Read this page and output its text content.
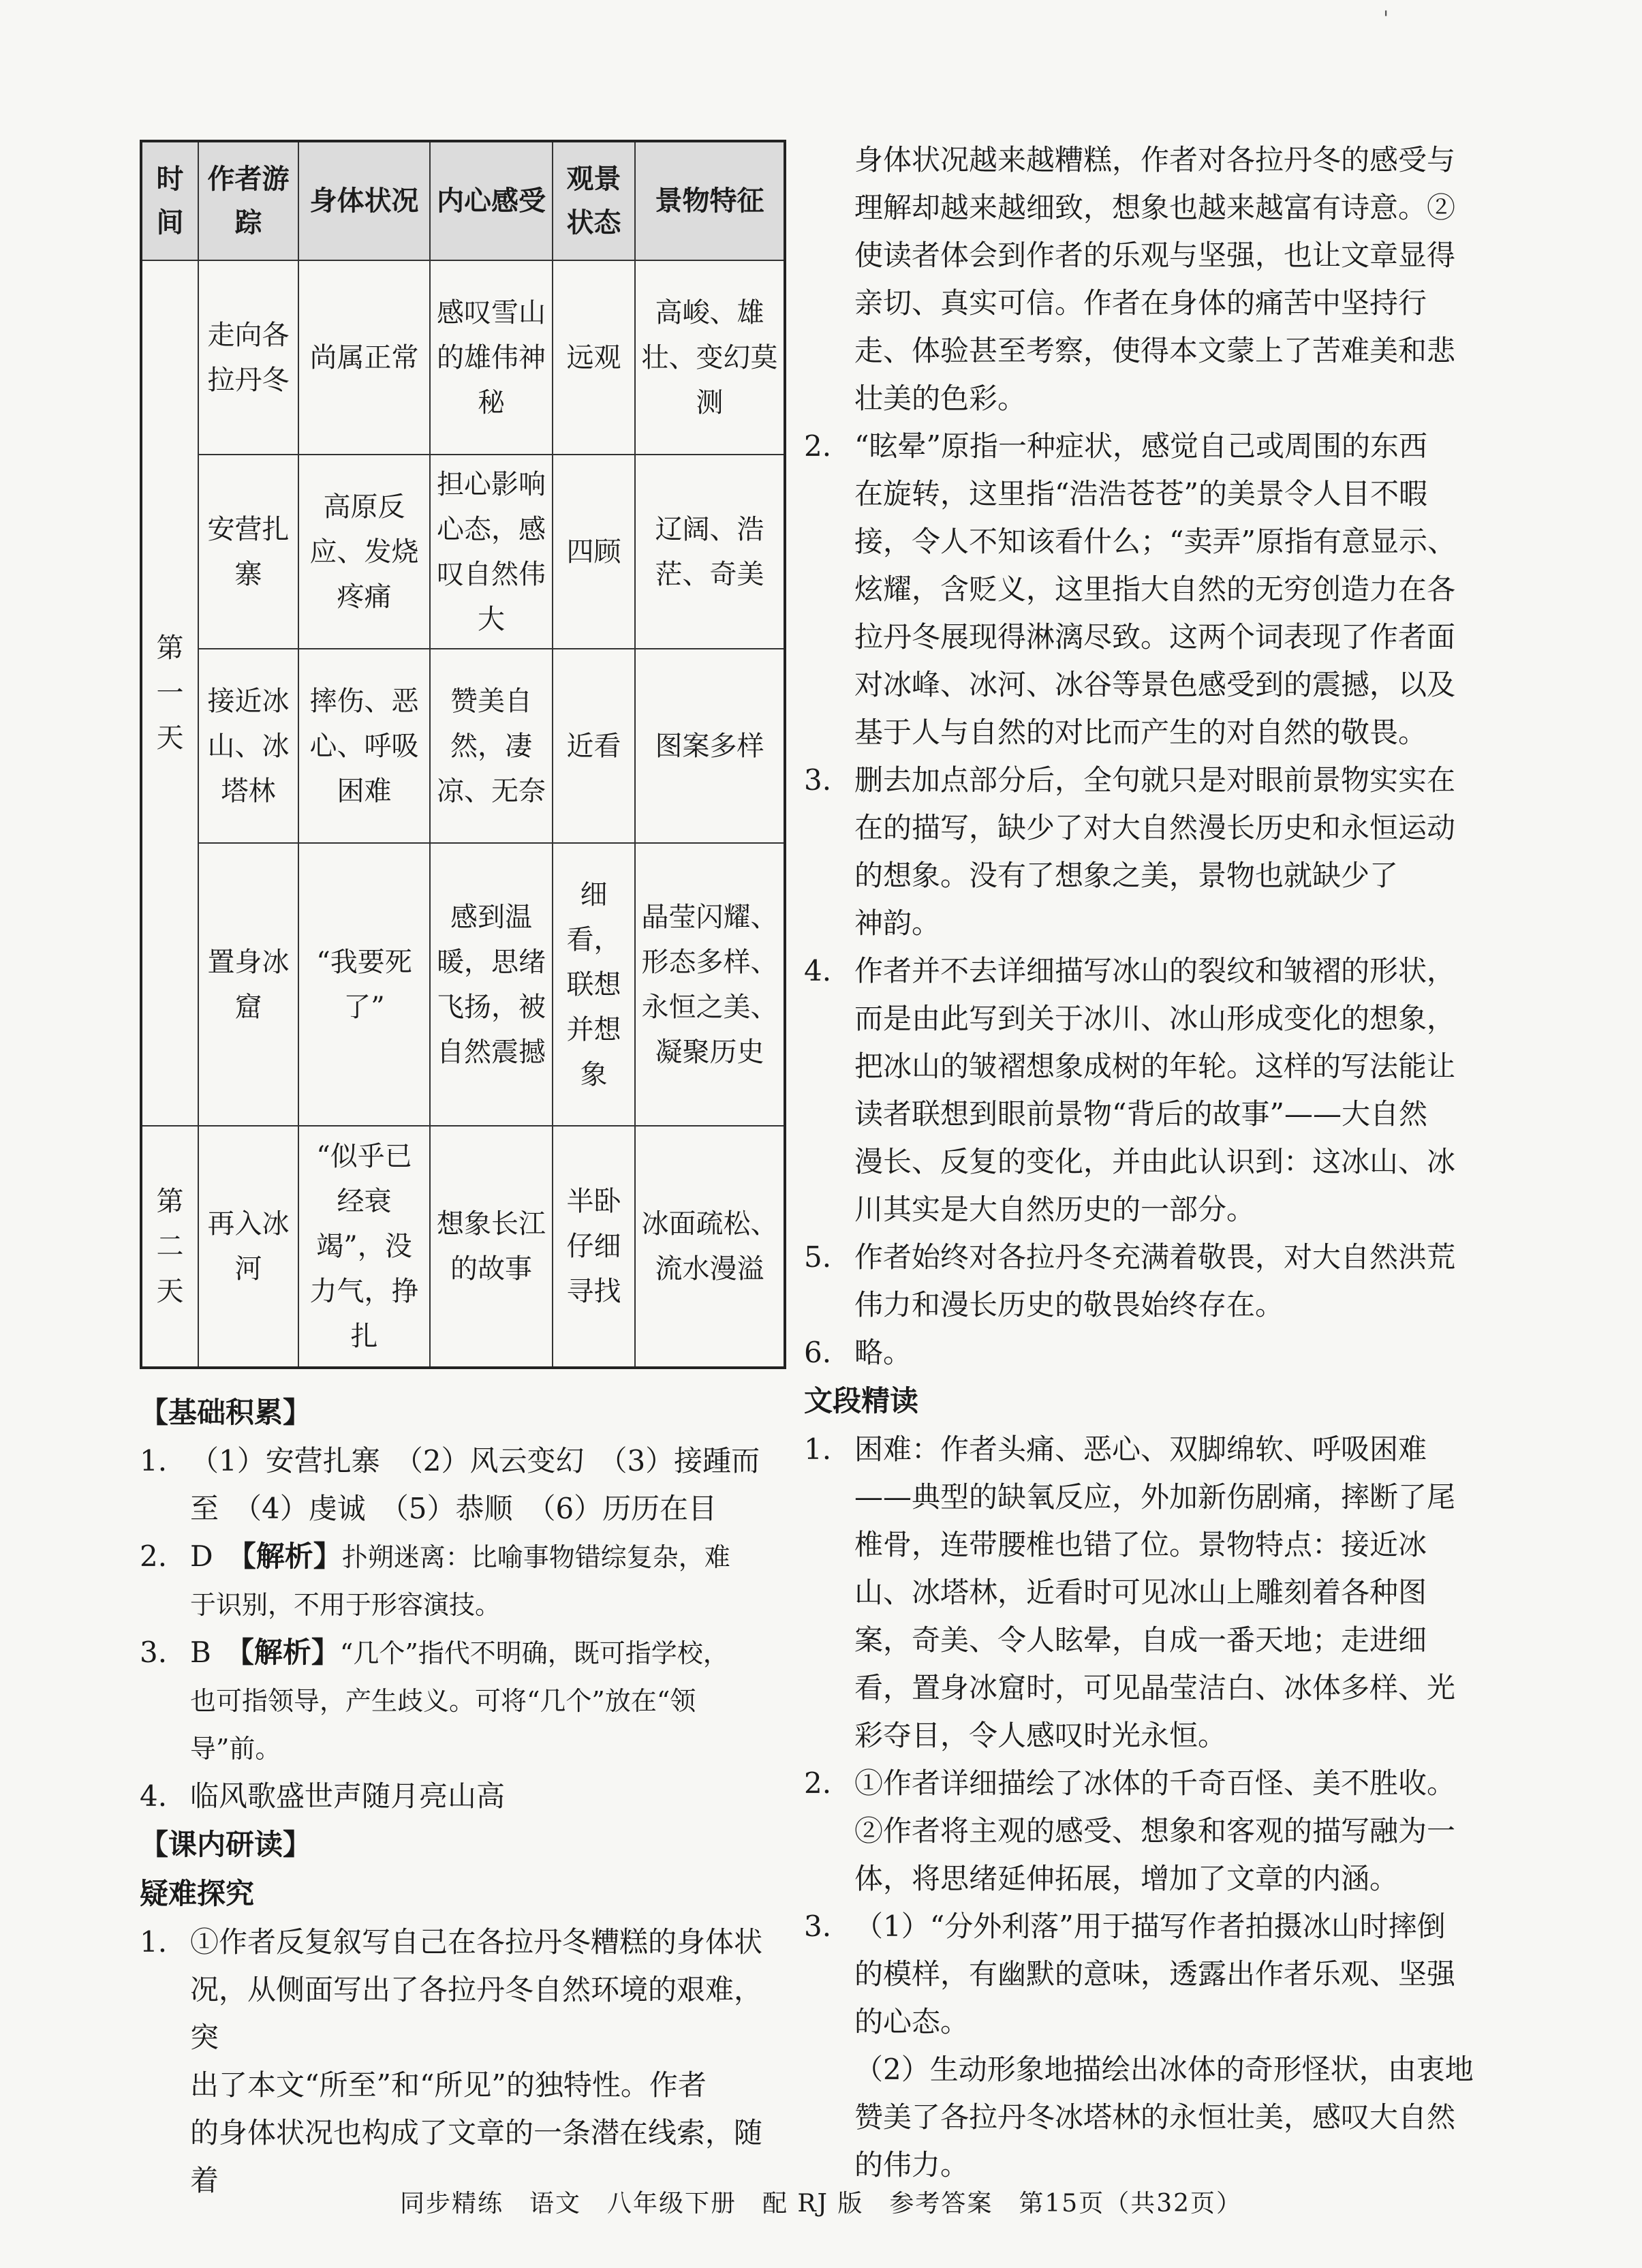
'
时间	作者游踪	身体状况	内心感受	观景状态	景物特征
第一天	走向各拉丹冬	尚属正常	感叹雪山的雄伟神秘	远观	高峻、雄壮、变幻莫测
	安营扎寨	高原反应、发烧疼痛	担心影响心态，感叹自然伟大	四顾	辽阔、浩茫、奇美
	接近冰山、冰塔林	摔伤、恶心、呼吸困难	赞美自然，凄凉、无奈	近看	图案多样
	置身冰窟	“我要死了”	感到温暖，思绪飞扬，被自然震撼	细看，联想并想象	晶莹闪耀、形态多样、永恒之美、凝聚历史
第二天	再入冰河	“似乎已经衰竭”，没力气，挣扎	想象长江的故事	半卧仔细寻找	冰面疏松、流水漫溢

【基础积累】

1. （1）安营扎寨　（2）风云变幻　（3）接踵而

至　（4）虔诚　（5）恭顺　（6）历历在目

2. D　 【解析】扑朔迷离：比喻事物错综复杂，难

于识别，不用于形容演技。

3. B　 【解析】“几个”指代不明确，既可指学校，

也可指领导，产生歧义。可将“几个”放在“领

导”前。

4. 临风歌盛世声随月亮山高

【课内研读】

疑难探究

1. ①作者反复叙写自己在各拉丹冬糟糕的身体状

况，从侧面写出了各拉丹冬自然环境的艰难，突

出了本文“所至”和“所见”的独特性。作者

的身体状况也构成了文章的一条潜在线索，随着

身体状况越来越糟糕，作者对各拉丹冬的感受与

理解却越来越细致，想象也越来越富有诗意。②

使读者体会到作者的乐观与坚强，也让文章显得

亲切、真实可信。作者在身体的痛苦中坚持行

走、体验甚至考察，使得本文蒙上了苦难美和悲

壮美的色彩。

2. “眩晕”原指一种症状，感觉自己或周围的东西

在旋转，这里指“浩浩苍苍”的美景令人目不暇

接，令人不知该看什么；“卖弄”原指有意显示、

炫耀，含贬义，这里指大自然的无穷创造力在各

拉丹冬展现得淋漓尽致。这两个词表现了作者面

对冰峰、冰河、冰谷等景色感受到的震撼，以及

基于人与自然的对比而产生的对自然的敬畏。

3. 删去加点部分后，全句就只是对眼前景物实实在

在的描写，缺少了对大自然漫长历史和永恒运动

的想象。没有了想象之美，景物也就缺少了

神韵。

4. 作者并不去详细描写冰山的裂纹和皱褶的形状，

而是由此写到关于冰川、冰山形成变化的想象，

把冰山的皱褶想象成树的年轮。这样的写法能让

读者联想到眼前景物“背后的故事”——大自然

漫长、反复的变化，并由此认识到：这冰山、冰

川其实是大自然历史的一部分。

5. 作者始终对各拉丹冬充满着敬畏，对大自然洪荒

伟力和漫长历史的敬畏始终存在。

6. 略。

文段精读

1. 困难：作者头痛、恶心、双脚绵软、呼吸困难

——典型的缺氧反应，外加新伤剧痛，摔断了尾

椎骨，连带腰椎也错了位。景物特点：接近冰

山、冰塔林，近看时可见冰山上雕刻着各种图

案，奇美、令人眩晕，自成一番天地；走进细

看，置身冰窟时，可见晶莹洁白、冰体多样、光

彩夺目，令人感叹时光永恒。

2. ①作者详细描绘了冰体的千奇百怪、美不胜收。

②作者将主观的感受、想象和客观的描写融为一

体，将思绪延伸拓展，增加了文章的内涵。

3. （1）“分外利落”用于描写作者拍摄冰山时摔倒

的模样，有幽默的意味，透露出作者乐观、坚强

的心态。

（2）生动形象地描绘出冰体的奇形怪状，由衷地

赞美了各拉丹冬冰塔林的永恒壮美，感叹大自然

的伟力。

同步精练　语文　八年级下册　配 RJ 版　参考答案　第15页（共32页）
